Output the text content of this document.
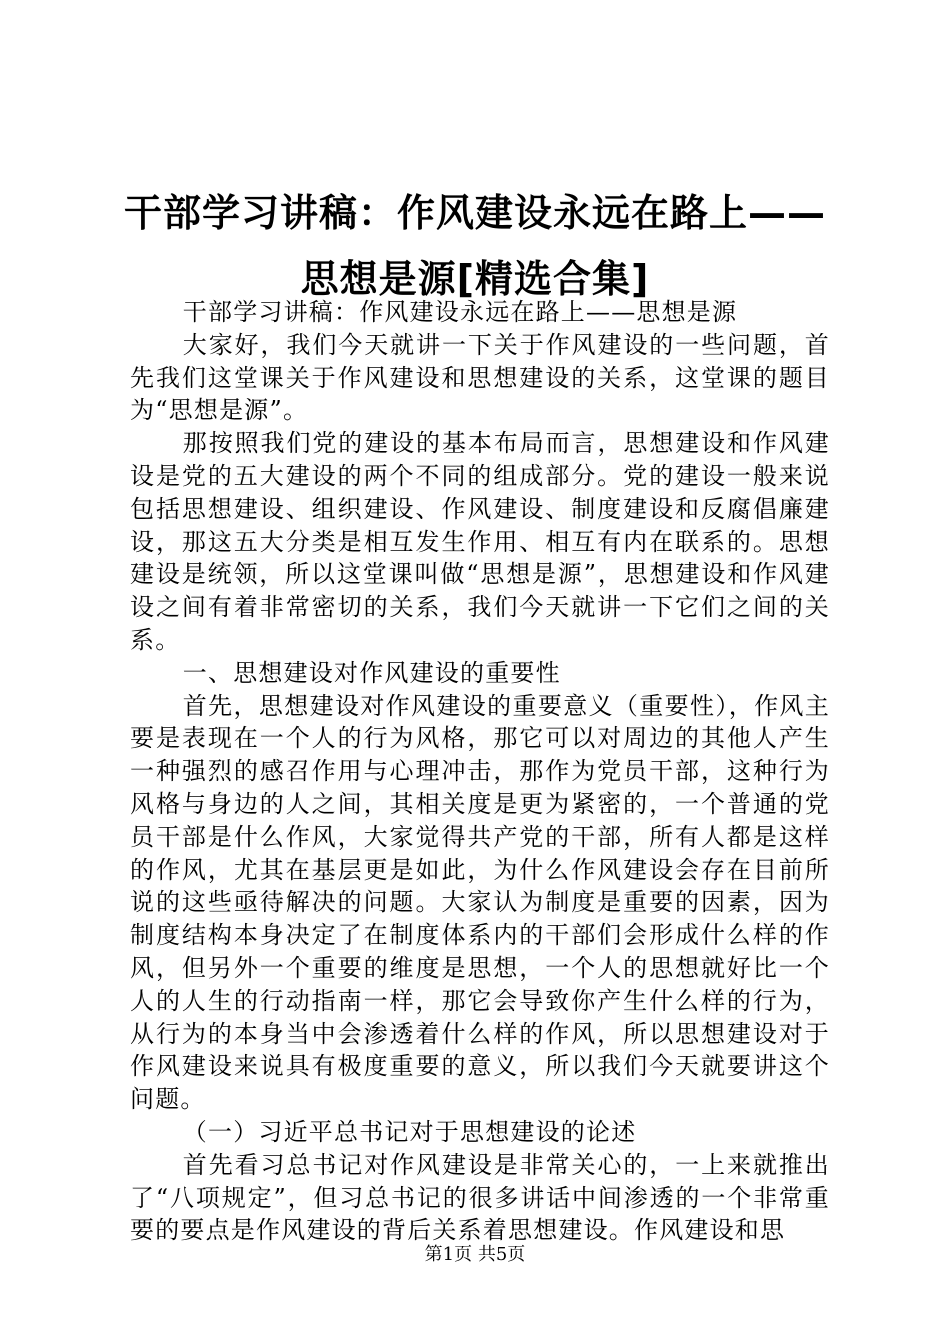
干部学习讲稿：作风建设永远在路上——思想是源[精选合集]

干部学习讲稿：作风建设永远在路上——思想是源

大家好，我们今天就讲一下关于作风建设的一些问题，首先我们这堂课关于作风建设和思想建设的关系，这堂课的题目为“思想是源”。

那按照我们党的建设的基本布局而言，思想建设和作风建设是党的五大建设的两个不同的组成部分。党的建设一般来说包括思想建设、组织建设、作风建设、制度建设和反腐倡廉建设，那这五大分类是相互发生作用、相互有内在联系的。思想建设是统领，所以这堂课叫做“思想是源”，思想建设和作风建设之间有着非常密切的关系，我们今天就讲一下它们之间的关系。

一、思想建设对作风建设的重要性

首先，思想建设对作风建设的重要意义（重要性），作风主要是表现在一个人的行为风格，那它可以对周边的其他人产生一种强烈的感召作用与心理冲击，那作为党员干部，这种行为风格与身边的人之间，其相关度是更为紧密的，一个普通的党员干部是什么作风，大家觉得共产党的干部，所有人都是这样的作风，尤其在基层更是如此，为什么作风建设会存在目前所说的这些亟待解决的问题。大家认为制度是重要的因素，因为制度结构本身决定了在制度体系内的干部们会形成什么样的作风，但另外一个重要的维度是思想，一个人的思想就好比一个人的人生的行动指南一样，那它会导致你产生什么样的行为，从行为的本身当中会渗透着什么样的作风，所以思想建设对于作风建设来说具有极度重要的意义，所以我们今天就要讲这个问题。

（一）习近平总书记对于思想建设的论述

首先看习总书记对作风建设是非常关心的，一上来就推出了“八项规定”，但习总书记的很多讲话中间渗透的一个非常重要的要点是作风建设的背后关系着思想建设。作风建设和思

第1页 共5页
